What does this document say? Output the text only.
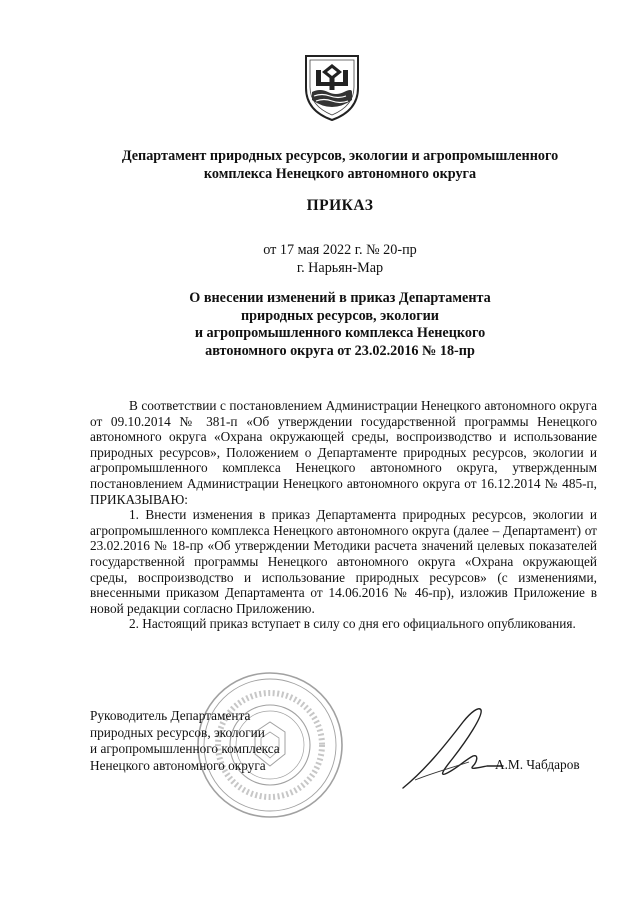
Департамент природных ресурсов, экологии и агропромышленного
комплекса Ненецкого автономного округа
ПРИКАЗ
от 17 мая 2022 г. № 20-пр
г. Нарьян-Мар
О внесении изменений в приказ Департамента
природных ресурсов, экологии
и агропромышленного комплекса Ненецкого
автономного округа от 23.02.2016 № 18-пр

В соответствии с постановлением Администрации Ненецкого автономного округа от 09.10.2014 № 381-п «Об утверждении государственной программы Ненецкого автономного округа «Охрана окружающей среды, воспроизводство и использование природных ресурсов», Положением о Департаменте природных ресурсов, экологии и агропромышленного комплекса Ненецкого автономного округа, утвержденным постановлением Администрации Ненецкого автономного округа от 16.12.2014 № 485-п, ПРИКАЗЫВАЮ:

1. Внести изменения в приказ Департамента природных ресурсов, экологии и агропромышленного комплекса Ненецкого автономного округа (далее – Департамент) от 23.02.2016 № 18-пр «Об утверждении Методики расчета значений целевых показателей государственной программы Ненецкого автономного округа «Охрана окружающей среды, воспроизводство и использование природных ресурсов» (с изменениями, внесенными приказом Департамента от 14.06.2016 № 46-пр), изложив Приложение в новой редакции согласно Приложению.

2. Настоящий приказ вступает в силу со дня его официального опубликования.

Руководитель Департамента
природных ресурсов, экологии
и агропромышленного комплекса
Ненецкого автономного округа	А.М. Чабдаров
